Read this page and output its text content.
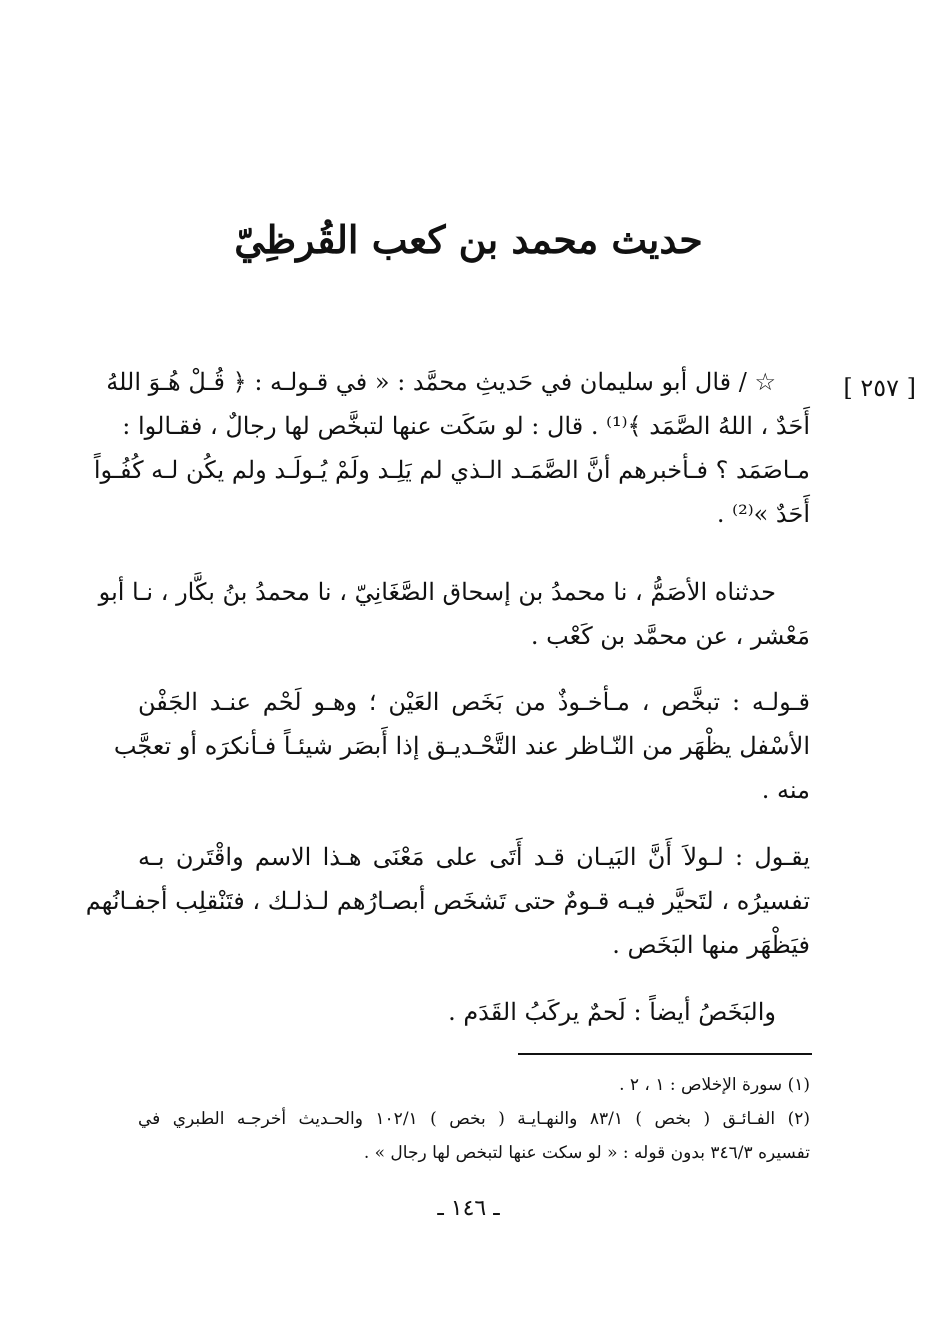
حديث محمد بن كعب القُرظِيّ
[ ٢٥٧ ]
☆ / قال أبو سليمان في حَديثِ محمَّد : « في قـولـه : ﴿ قُـلْ هُـوَ اللهُ
أَحَدٌ ، اللهُ الصَّمَد ﴾⁽¹⁾ . قال : لو سَكَت عنها لتبخَّص لها رجالٌ ، فقـالوا :
مـاصَمَد ؟ فـأخبرهم أنَّ الصَّمَـد الـذي لم يَلِـد ولَمْ يُـولَـد ولم يكُن لـه كُفُـواً
أَحَدٌ »⁽²⁾ .
حدثناه الأصَمُّ ، نا محمدُ بن إسحاق الصَّغَانِيّ ، نا محمدُ بنُ بكَّار ، نـا أبو
مَعْشر ، عن محمَّد بن كَعْب .
قـولـه : تبخَّص ، مـأخـوذٌ من بَخَص العَيْن ؛ وهـو لَحْم عنـد الجَفْن
الأسْفل يظْهَر من النّـاظر عند التَّحْـديـق إذا أَبصَر شيئـاً فـأنكرَه أو تعجَّب
منه .
يقـول : لـولاَ أَنَّ البَيـان قـد أَتَى على مَعْنَى هـذا الاسم واقْتَرن بـه
تفسيرُه ، لتَحيَّر فيـه قـومٌ حتى تَشخَص أبصـارُهم لـذلـك ، فتَنْقلِب أجفـانُهم
فيَظْهَر منها البَخَص .
والبَخَصُ أيضاً : لَحمٌ يركَبُ القَدَم .
(١) سورة الإخلاص : ١ ، ٢ .
(٢) الفـائـق ( بخص ) ٨٣/١ والنهـايـة ( بخص ) ١٠٢/١ والحـديث أخرجـه الطبري في
تفسيره ٣٤٦/٣ بدون قوله : « لو سكت عنها لتبخص لها رجال » .
ـ ١٤٦ ـ
